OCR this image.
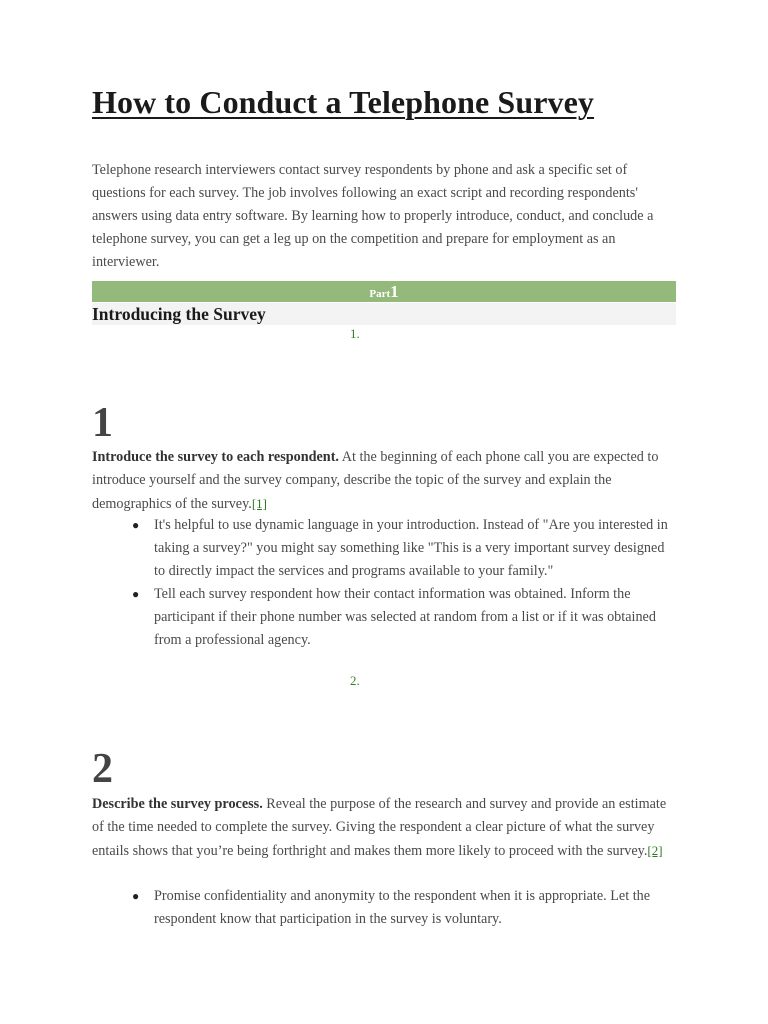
How to Conduct a Telephone Survey

Telephone research interviewers contact survey respondents by phone and ask a specific set of questions for each survey. The job involves following an exact script and recording respondents' answers using data entry software. By learning how to properly introduce, conduct, and conclude a telephone survey, you can get a leg up on the competition and prepare for employment as an interviewer.

Part1
Introducing the Survey
1.
1

Introduce the survey to each respondent. At the beginning of each phone call you are expected to introduce yourself and the survey company, describe the topic of the survey and explain the demographics of the survey.[1]

● It's helpful to use dynamic language in your introduction. Instead of "Are you interested in taking a survey?" you might say something like "This is a very important survey designed to directly impact the services and programs available to your family."
● Tell each survey respondent how their contact information was obtained. Inform the participant if their phone number was selected at random from a list or if it was obtained from a professional agency.
2.
2

Describe the survey process. Reveal the purpose of the research and survey and provide an estimate of the time needed to complete the survey. Giving the respondent a clear picture of what the survey entails shows that you’re being forthright and makes them more likely to proceed with the survey.[2]

● Promise confidentiality and anonymity to the respondent when it is appropriate. Let the respondent know that participation in the survey is voluntary.
